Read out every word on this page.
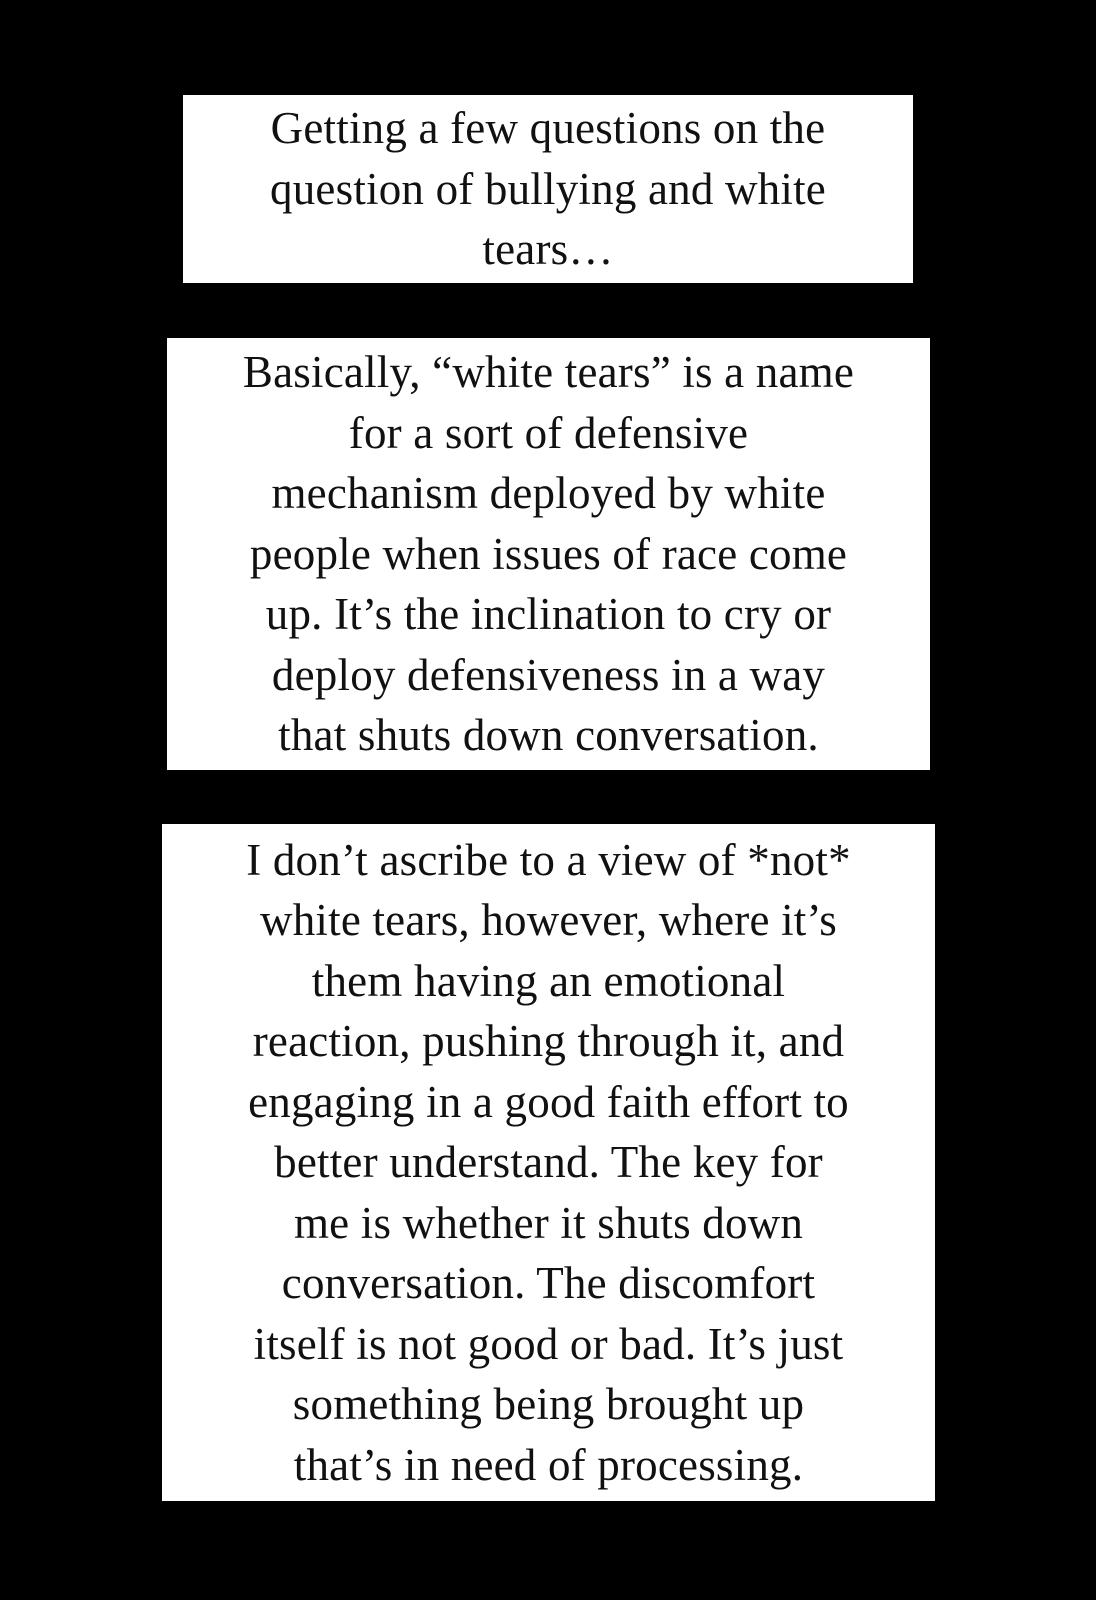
Getting a few questions on the
question of bullying and white
tears…

Basically, “white tears” is a name
for a sort of defensive
mechanism deployed by white
people when issues of race come
up. It’s the inclination to cry or
deploy defensiveness in a way
that shuts down conversation.

I don’t ascribe to a view of *not*
white tears, however, where it’s
them having an emotional
reaction, pushing through it, and
engaging in a good faith effort to
better understand. The key for
me is whether it shuts down
conversation. The discomfort
itself is not good or bad. It’s just
something being brought up
that’s in need of processing.
